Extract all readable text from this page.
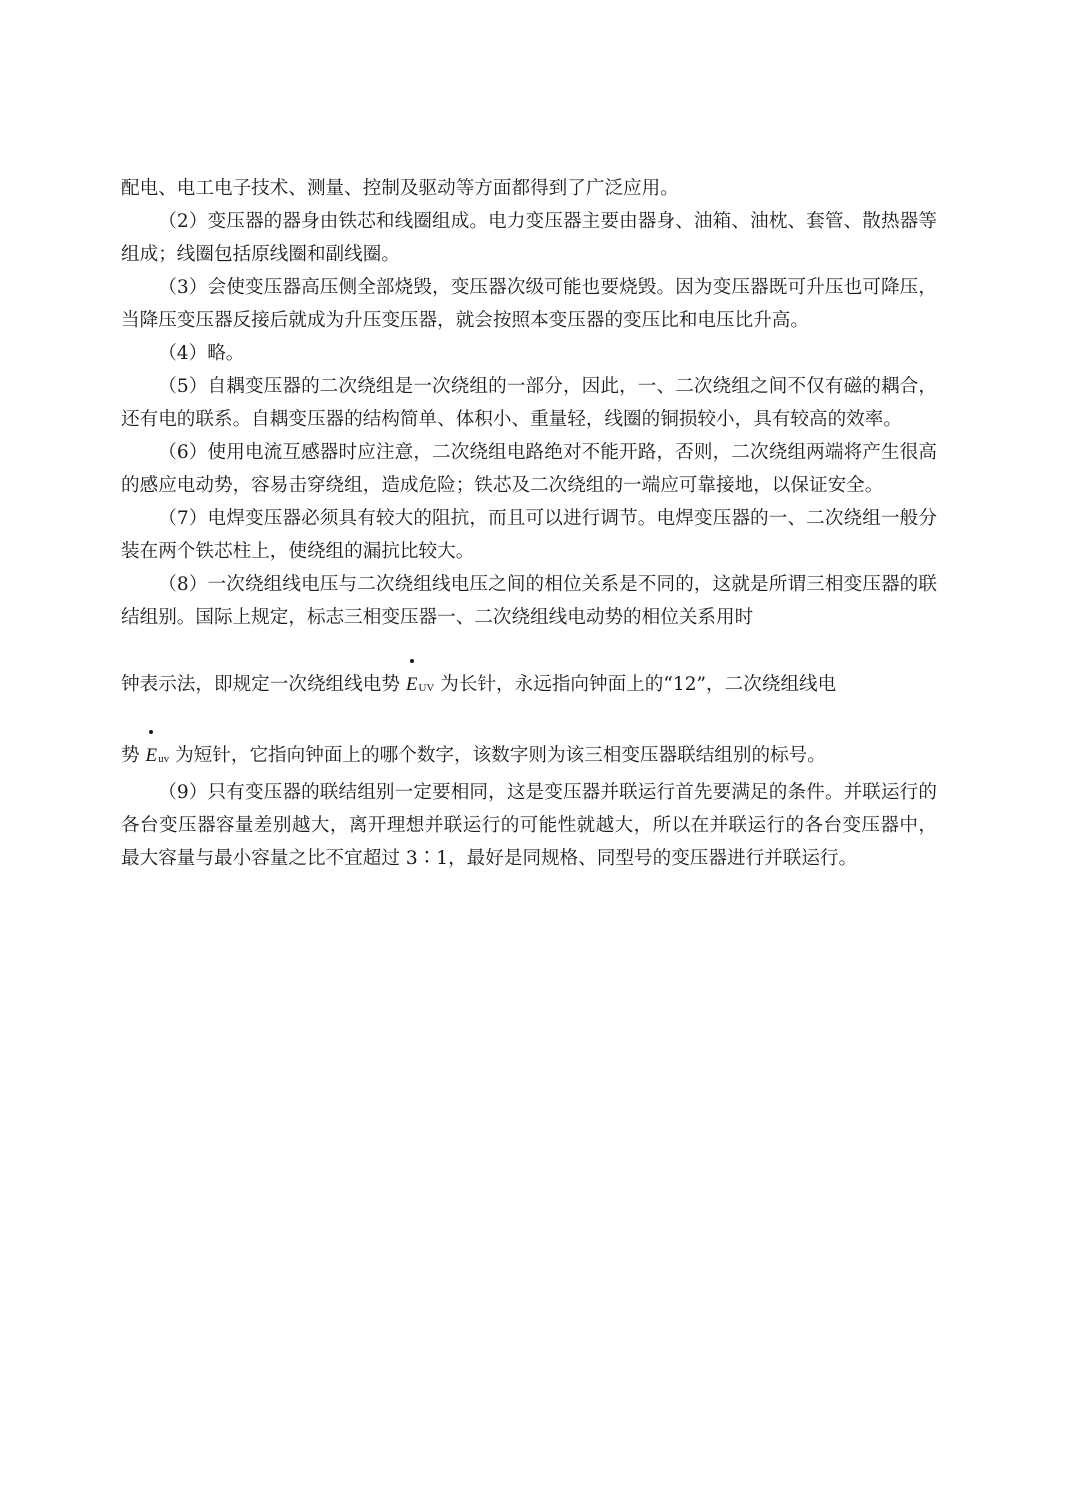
配电、电工电子技术、测量、控制及驱动等方面都得到了广泛应用。

（2）变压器的器身由铁芯和线圈组成。电力变压器主要由器身、油箱、油枕、套管、散热器等组成；线圈包括原线圈和副线圈。

（3）会使变压器高压侧全部烧毁，变压器次级可能也要烧毁。因为变压器既可升压也可降压，当降压变压器反接后就成为升压变压器，就会按照本变压器的变压比和电压比升高。

（4）略。

（5）自耦变压器的二次绕组是一次绕组的一部分，因此，一、二次绕组之间不仅有磁的耦合，还有电的联系。自耦变压器的结构简单、体积小、重量轻，线圈的铜损较小，具有较高的效率。

（6）使用电流互感器时应注意，二次绕组电路绝对不能开路，否则，二次绕组两端将产生很高的感应电动势，容易击穿绕组，造成危险；铁芯及二次绕组的一端应可靠接地，以保证安全。

（7）电焊变压器必须具有较大的阻抗，而且可以进行调节。电焊变压器的一、二次绕组一般分装在两个铁芯柱上，使绕组的漏抗比较大。

（8）一次绕组线电压与二次绕组线电压之间的相位关系是不同的，这就是所谓三相变压器的联结组别。国际上规定，标志三相变压器一、二次绕组线电动势的相位关系用时
钟表示法，即规定一次绕组线电势 EUV 为长针，永远指向钟面上的“12”，二次绕组线电
势 Euv 为短针，它指向钟面上的哪个数字，该数字则为该三相变压器联结组别的标号。

（9）只有变压器的联结组别一定要相同，这是变压器并联运行首先要满足的条件。并联运行的各台变压器容量差别越大，离开理想并联运行的可能性就越大，所以在并联运行的各台变压器中，最大容量与最小容量之比不宜超过 3∶1，最好是同规格、同型号的变压器进行并联运行。
